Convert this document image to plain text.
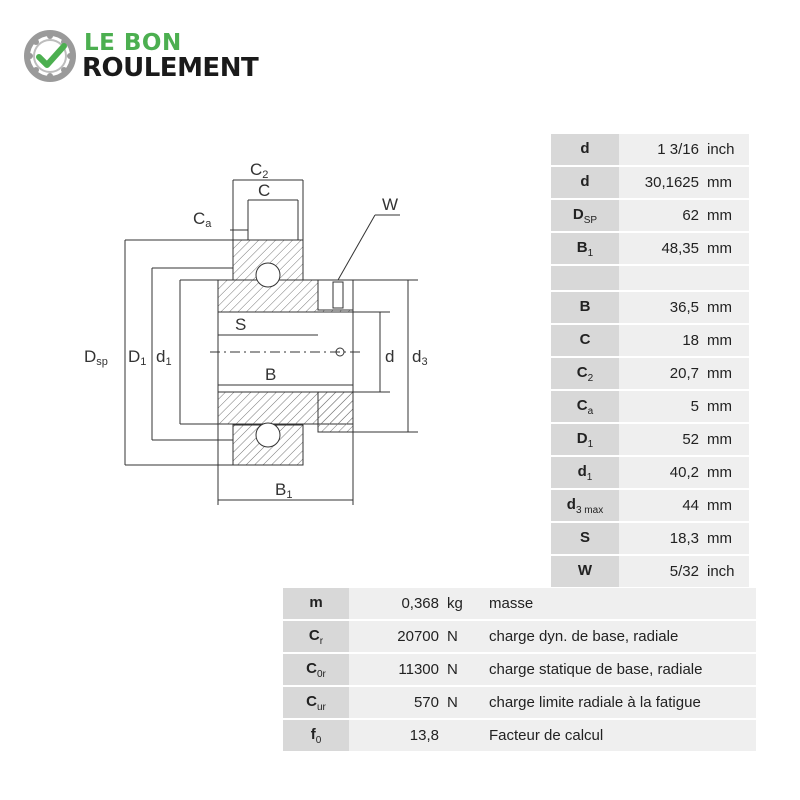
LE BON
ROULEMENT
C2
C
Ca
W
Dsp D1 d1
S
B
d d3
B1
d	1 3/16	inch
d	30,1625	mm
$D_{SP}$	62	mm
$B_1$	48,35	mm

B	36,5	mm
C	18	mm
$C_2$	20,7	mm
$C_a$	5	mm
$D_1$	52	mm
$d_1$	40,2	mm
$d_{3 max}$	44	mm
S	18,3	mm
W	5/32	inch
m	0,368	kg	masse
$C_r$	20700	N	charge dyn. de base, radiale
$C_{0r}$	11300	N	charge statique de base, radiale
$C_{ur}$	570	N	charge limite radiale à la fatigue
$f_0$	13,8		Facteur de calcul
